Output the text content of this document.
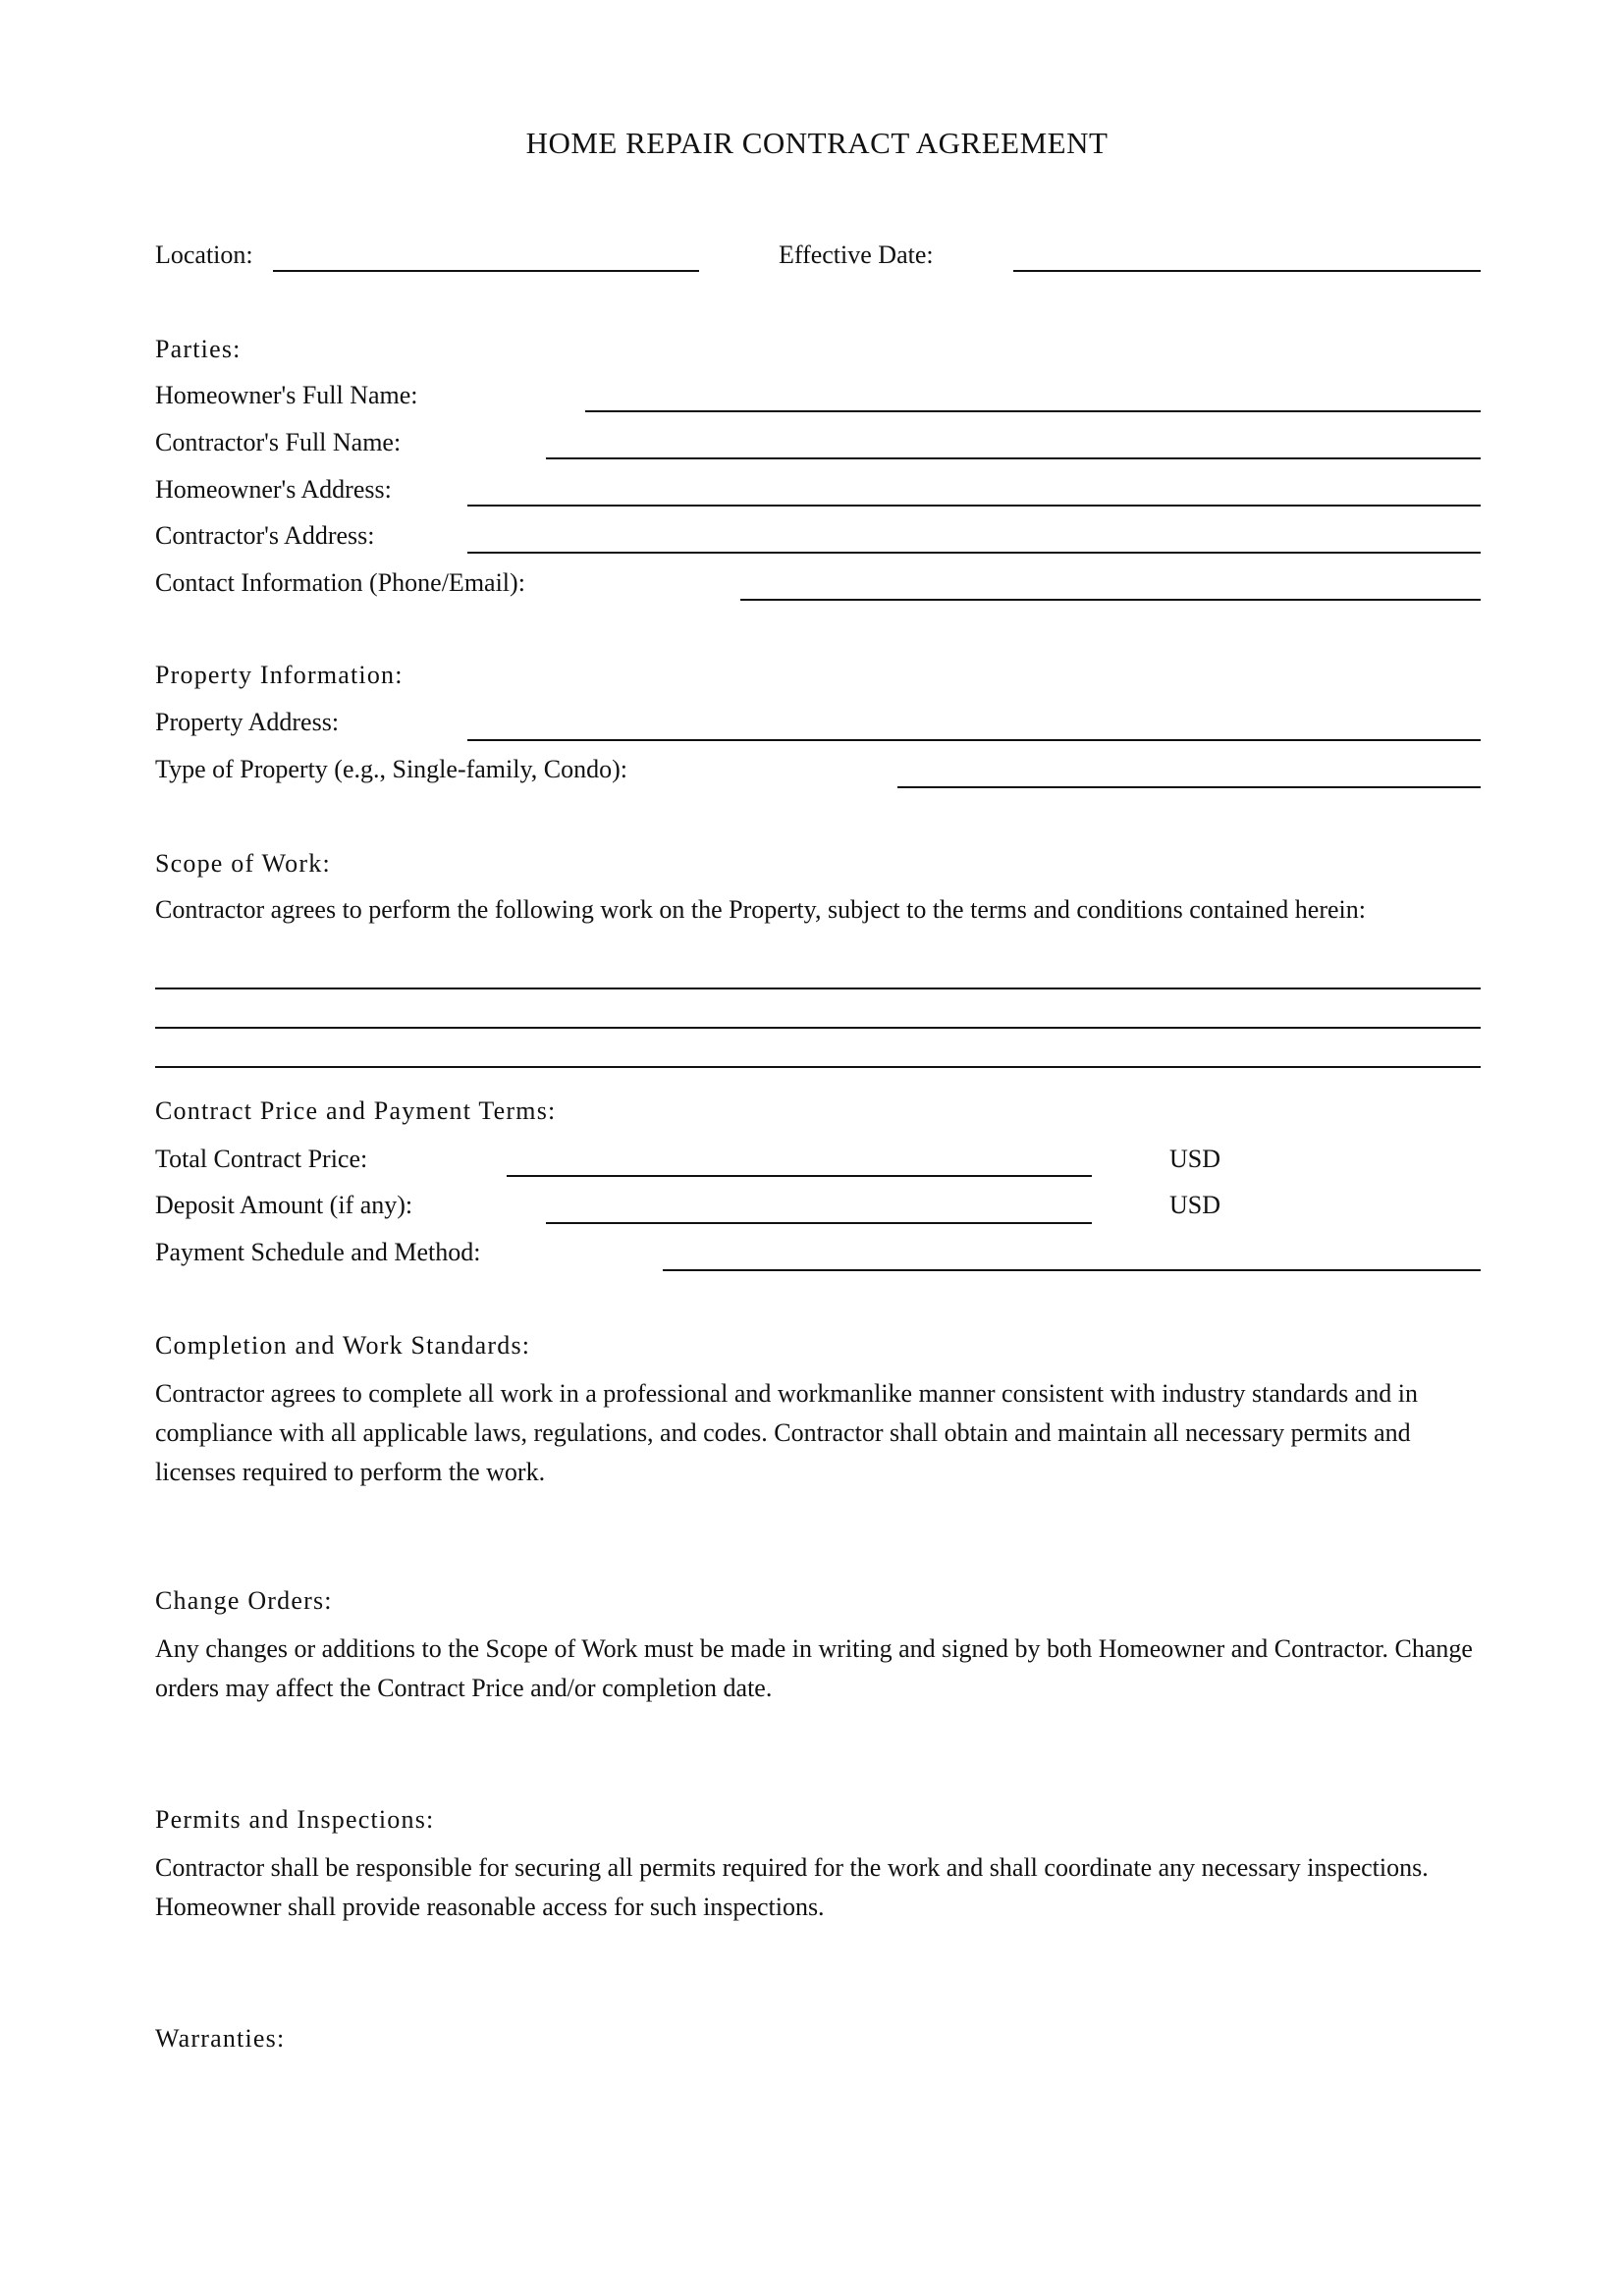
HOME REPAIR CONTRACT AGREEMENT
Location:	Effective Date:
Parties:
Homeowner's Full Name:
Contractor's Full Name:
Homeowner's Address:
Contractor's Address:
Contact Information (Phone/Email):
Property Information:
Property Address:
Type of Property (e.g., Single-family, Condo):
Scope of Work:
Contractor agrees to perform the following work on the Property, subject to the terms and conditions contained herein:
Contract Price and Payment Terms:
Total Contract Price:	USD
Deposit Amount (if any):	USD
Payment Schedule and Method:
Completion and Work Standards:
Contractor agrees to complete all work in a professional and workmanlike manner consistent with industry standards and in compliance with all applicable laws, regulations, and codes. Contractor shall obtain and maintain all necessary permits and licenses required to perform the work.
Change Orders:
Any changes or additions to the Scope of Work must be made in writing and signed by both Homeowner and Contractor. Change orders may affect the Contract Price and/or completion date.
Permits and Inspections:
Contractor shall be responsible for securing all permits required for the work and shall coordinate any necessary inspections. Homeowner shall provide reasonable access for such inspections.
Warranties:
